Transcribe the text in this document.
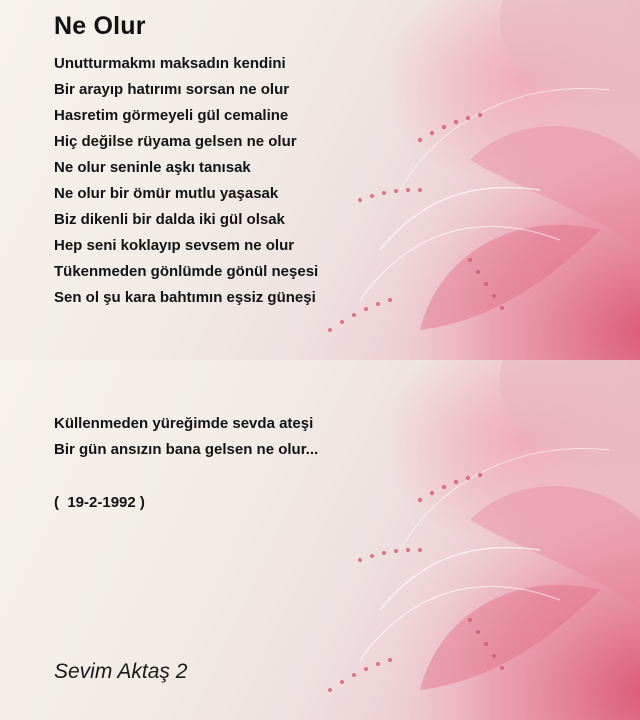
Ne Olur
Unutturmakmı maksadın kendini
Bir arayıp hatırımı sorsan ne olur
Hasretim görmeyeli gül cemaline
Hiç değilse rüyama gelsen ne olur
Ne olur seninle aşkı tanısak
Ne olur bir ömür mutlu yaşasak
Biz dikenli bir dalda iki gül olsak
Hep seni koklayıp sevsem ne olur
Tükenmeden gönlümde gönül neşesi
Sen ol şu kara bahtımın eşsiz güneşi
Küllenmeden yüreğimde sevda ateşi
Bir gün ansızın bana gelsen ne olur...
(  19-2-1992 )
Sevim Aktaş 2
